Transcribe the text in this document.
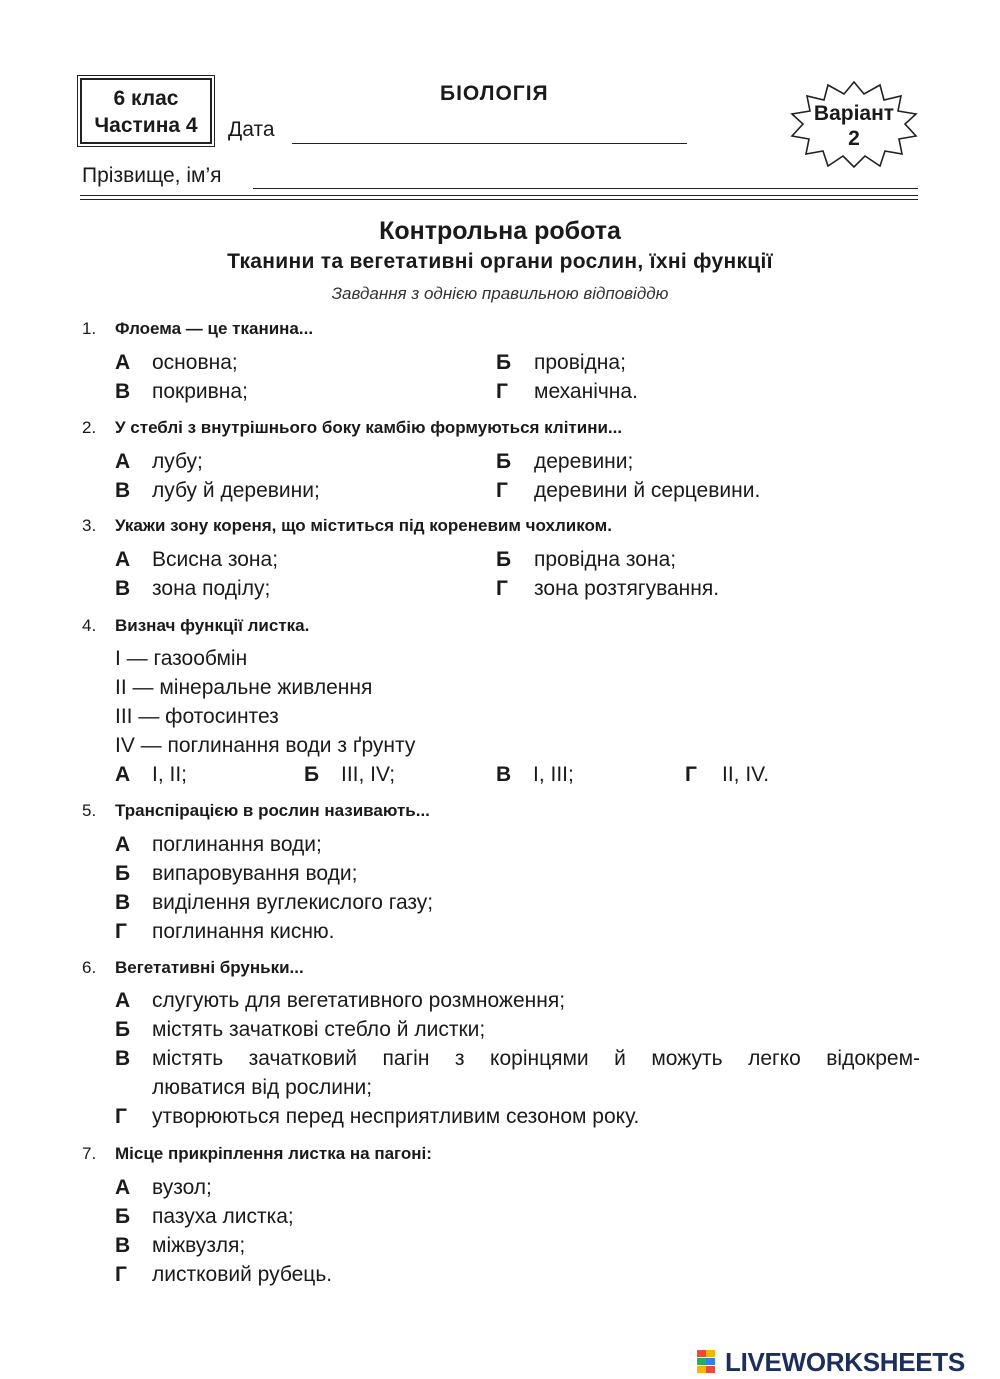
6 клас
Частина 4
БІОЛОГІЯ
Дата
Прізвище, ім’я
Варіант
2
Контрольна робота
Тканини та вегетативні органи рослин, їхні функції
Завдання з однією правильною відповіддю
1. Флоема — це тканина...
А основна;	Б провідна;
В покривна;	Г механічна.
2. У стеблі з внутрішнього боку камбію формуються клітини...
А лубу;	Б деревини;
В лубу й деревини;	Г деревини й серцевини.
3. Укажи зону кореня, що міститься під кореневим чохликом.
А Всисна зона;	Б провідна зона;
В зона поділу;	Г зона розтягування.
4. Визнач функції листка.
I — газообмін
II — мінеральне живлення
III — фотосинтез
IV — поглинання води з ґрунту
А I, II;	Б III, IV;	В I, III;	Г II, IV.
5. Транспірацією в рослин називають...
А поглинання води;
Б випаровування води;
В виділення вуглекислого газу;
Г поглинання кисню.
6. Вегетативні бруньки...
А слугують для вегетативного розмноження;
Б містять зачаткові стебло й листки;
В містять зачатковий пагін з корінцями й можуть легко відокрем-
люватися від рослини;
Г утворюються перед несприятливим сезоном року.
7. Місце прикріплення листка на пагоні:
А вузол;
Б пазуха листка;
В міжвузля;
Г листковий рубець.
LIVEWORKSHEETS
